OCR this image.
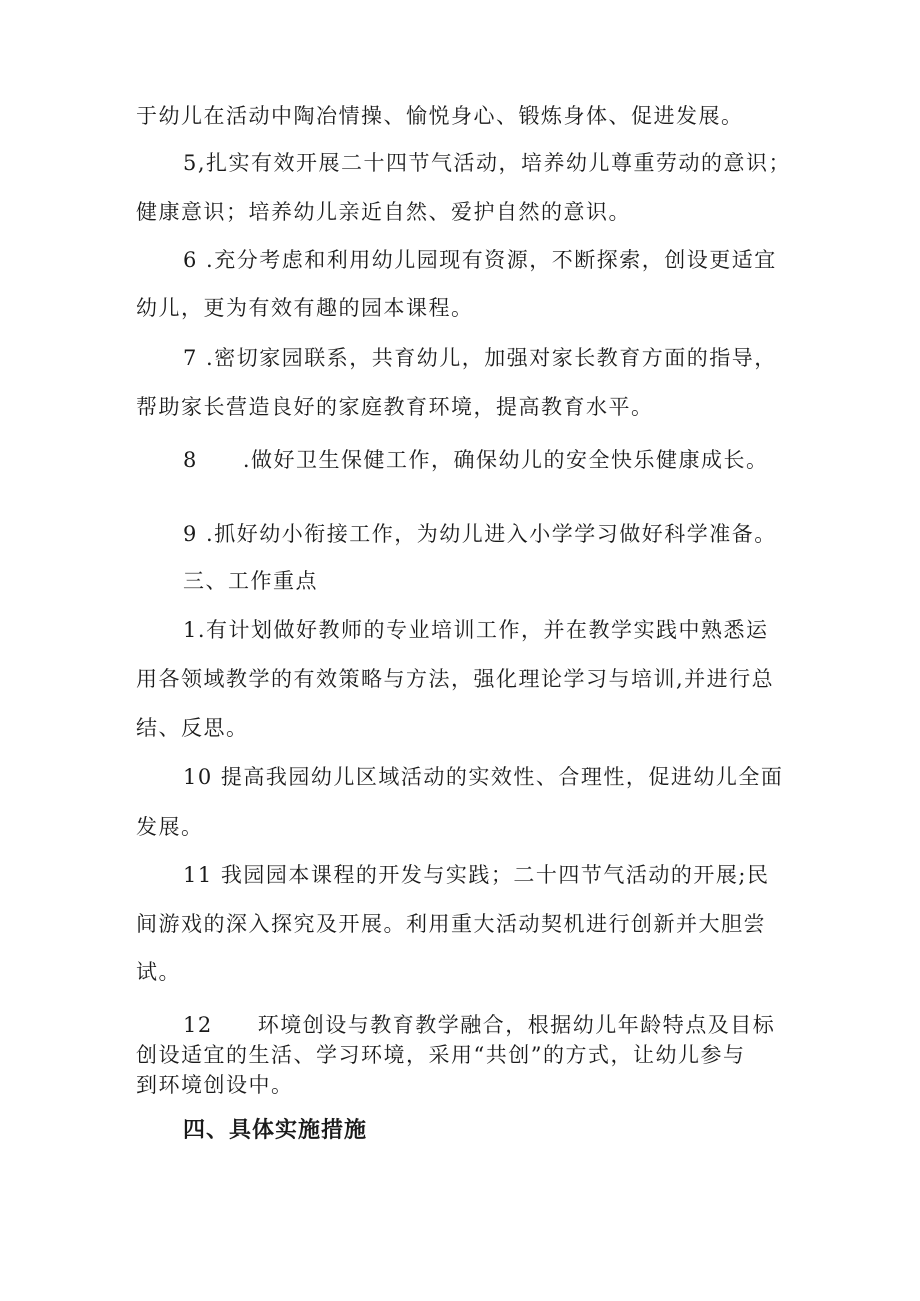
于幼儿在活动中陶冶情操、愉悦身心、锻炼身体、促进发展。
5,扎实有效开展二十四节气活动，培养幼儿尊重劳动的意识；
健康意识；培养幼儿亲近自然、爱护自然的意识。
6 .充分考虑和利用幼儿园现有资源，不断探索，创设更适宜
幼儿，更为有效有趣的园本课程。
7 .密切家园联系，共育幼儿，加强对家长教育方面的指导，
帮助家长营造良好的家庭教育环境，提高教育水平。
8　　.做好卫生保健工作，确保幼儿的安全快乐健康成长。
9 .抓好幼小衔接工作，为幼儿进入小学学习做好科学准备。
三、工作重点
1.有计划做好教师的专业培训工作，并在教学实践中熟悉运
用各领域教学的有效策略与方法，强化理论学习与培训,并进行总
结、反思。
10 提高我园幼儿区域活动的实效性、合理性，促进幼儿全面
发展。
11 我园园本课程的开发与实践；二十四节气活动的开展;民
间游戏的深入探究及开展。利用重大活动契机进行创新并大胆尝
试。
12　　环境创设与教育教学融合，根据幼儿年龄特点及目标
创设适宜的生活、学习环境，采用“共创”的方式，让幼儿参与
到环境创设中。
四、具体实施措施
